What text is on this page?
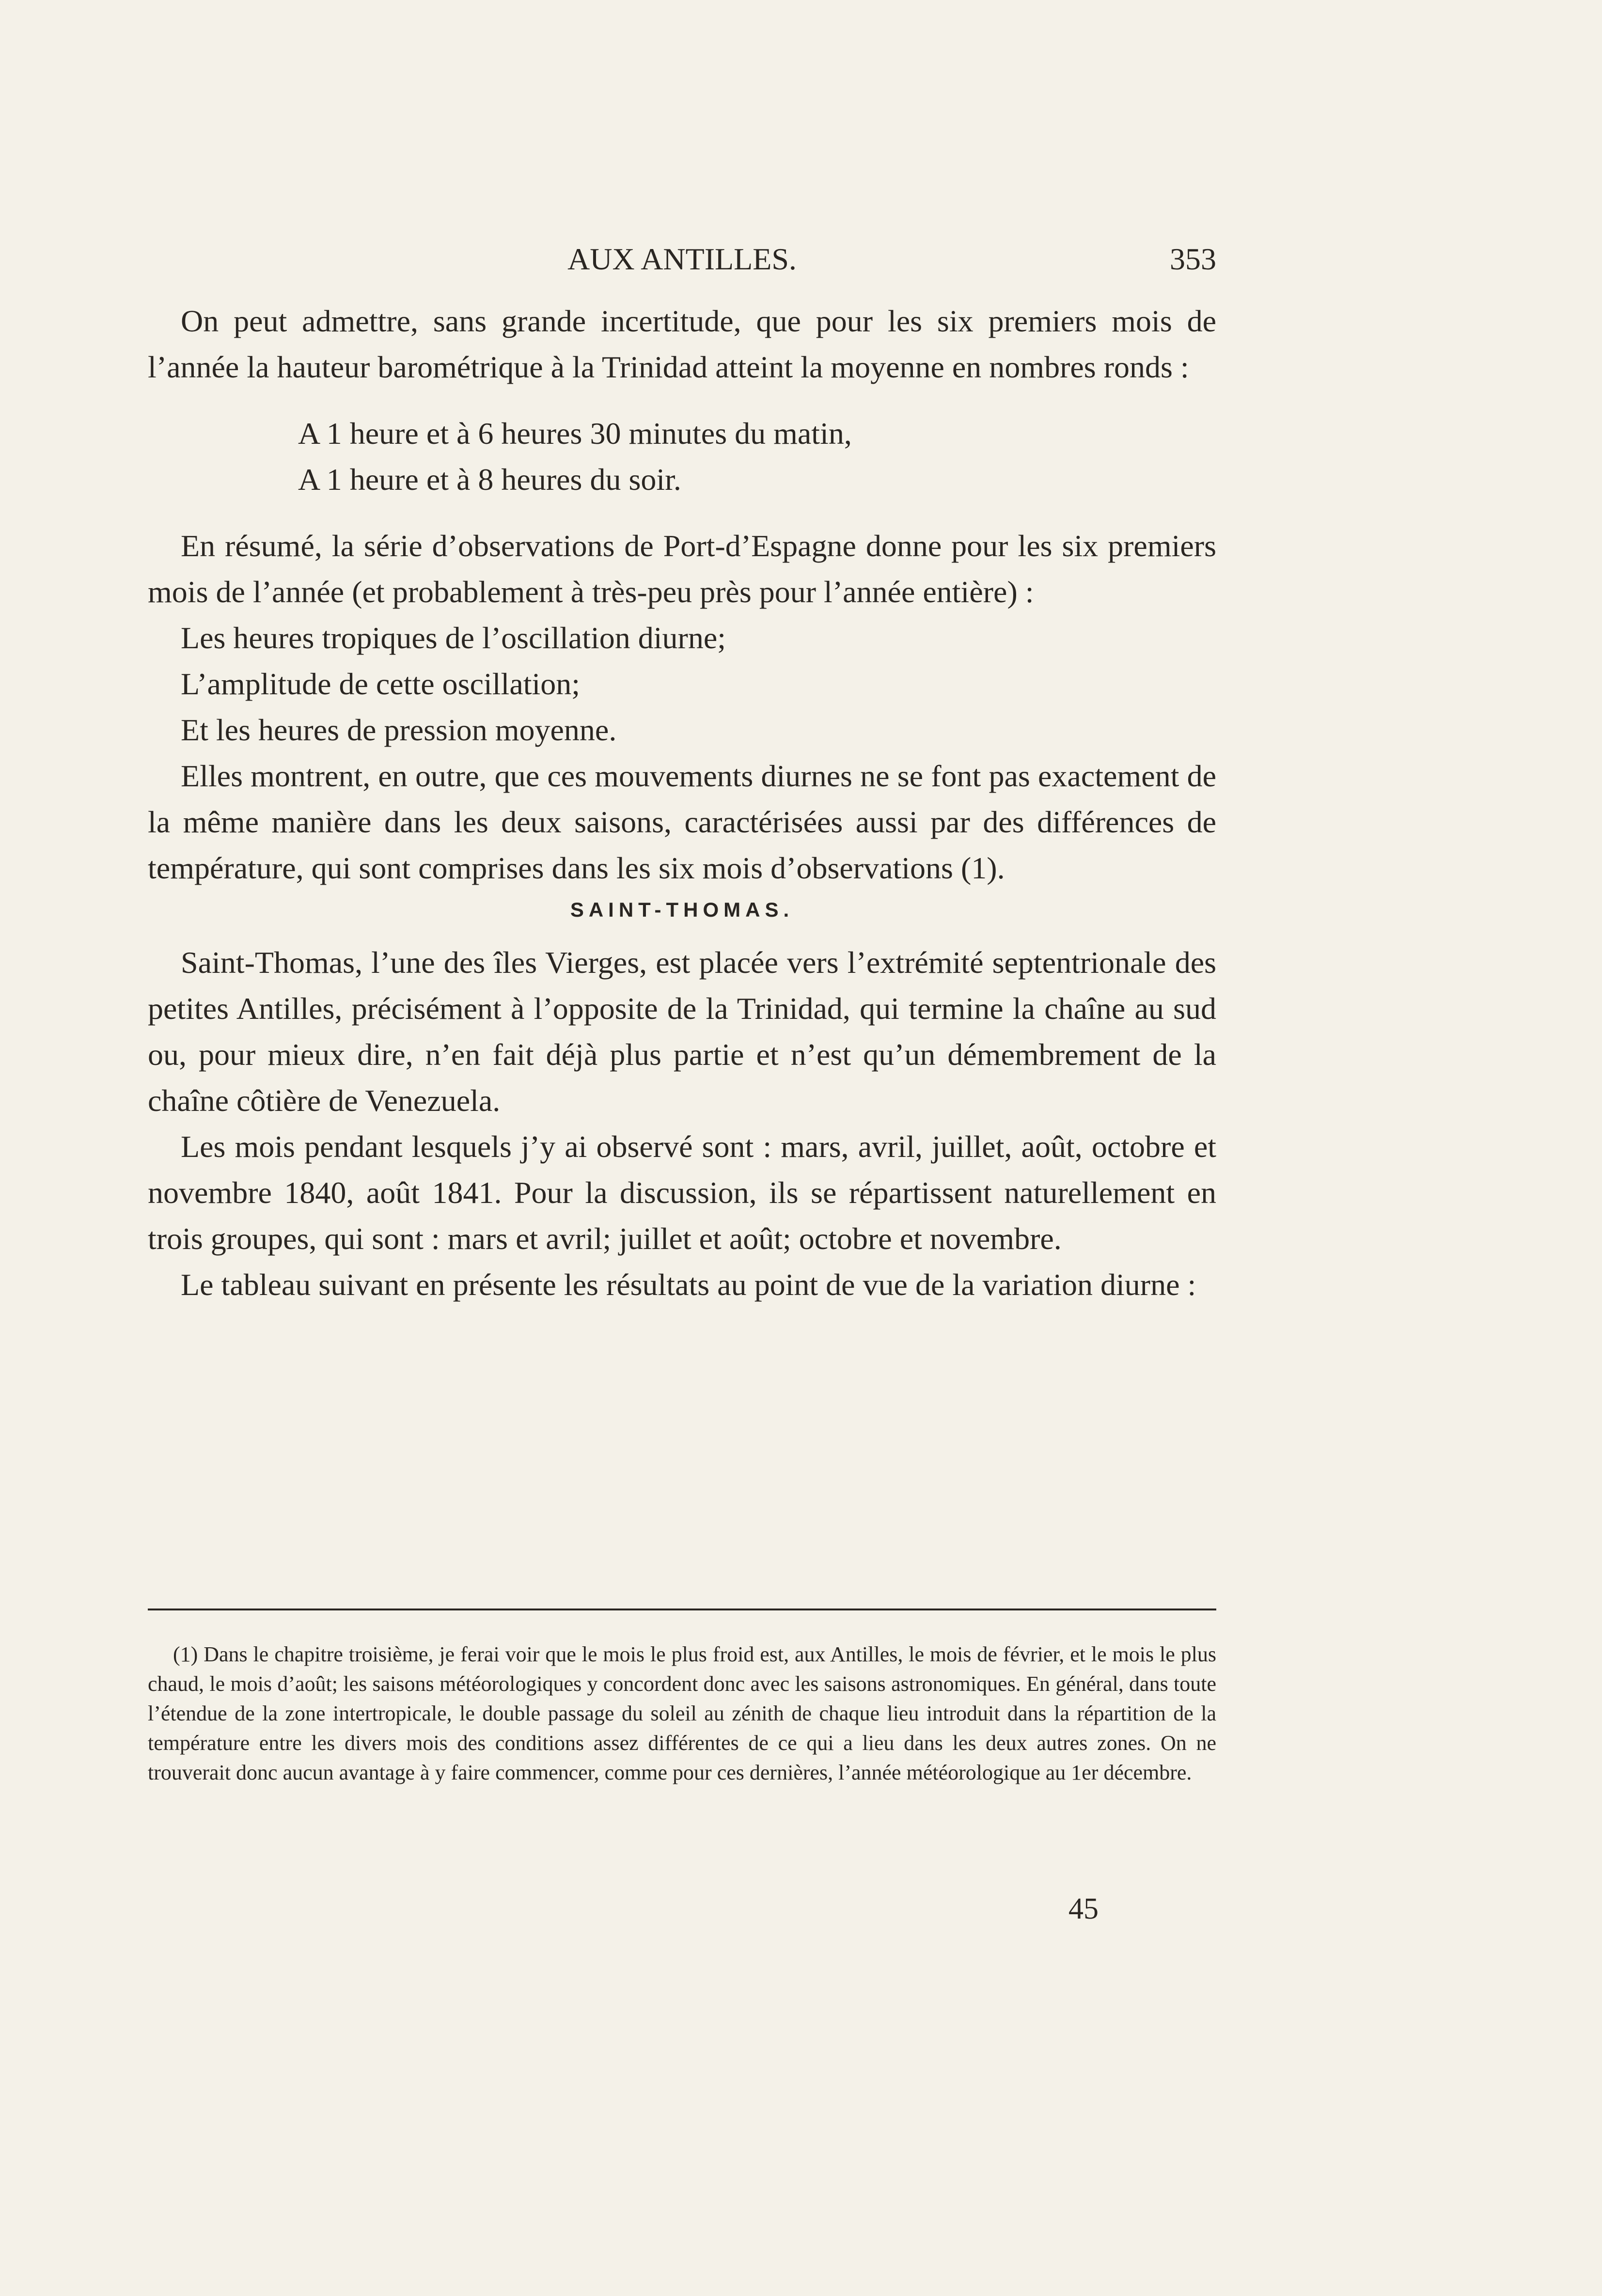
AUX ANTILLES.	353

On peut admettre, sans grande incertitude, que pour les six premiers mois de l’année la hauteur barométrique à la Trinidad atteint la moyenne en nombres ronds :

A 1 heure et à 6 heures 30 minutes du matin,

A 1 heure et à 8 heures du soir.

En résumé, la série d’observations de Port-d’Espagne donne pour les six premiers mois de l’année (et probablement à très-peu près pour l’année entière) :

Les heures tropiques de l’oscillation diurne;

L’amplitude de cette oscillation;

Et les heures de pression moyenne.

Elles montrent, en outre, que ces mouvements diurnes ne se font pas exactement de la même manière dans les deux saisons, caractérisées aussi par des différences de température, qui sont comprises dans les six mois d’observations (1).

SAINT-THOMAS.

Saint-Thomas, l’une des îles Vierges, est placée vers l’extrémité septentrionale des petites Antilles, précisément à l’opposite de la Trinidad, qui termine la chaîne au sud ou, pour mieux dire, n’en fait déjà plus partie et n’est qu’un démembrement de la chaîne côtière de Venezuela.

Les mois pendant lesquels j’y ai observé sont : mars, avril, juillet, août, octobre et novembre 1840, août 1841. Pour la discussion, ils se répartissent naturellement en trois groupes, qui sont : mars et avril; juillet et août; octobre et novembre.

Le tableau suivant en présente les résultats au point de vue de la variation diurne :

(1) Dans le chapitre troisième, je ferai voir que le mois le plus froid est, aux Antilles, le mois de février, et le mois le plus chaud, le mois d’août; les saisons météorologiques y concordent donc avec les saisons astronomiques. En général, dans toute l’étendue de la zone intertropicale, le double passage du soleil au zénith de chaque lieu introduit dans la répartition de la température entre les divers mois des conditions assez différentes de ce qui a lieu dans les deux autres zones. On ne trouverait donc aucun avantage à y faire commencer, comme pour ces dernières, l’année météorologique au 1er décembre.

45
